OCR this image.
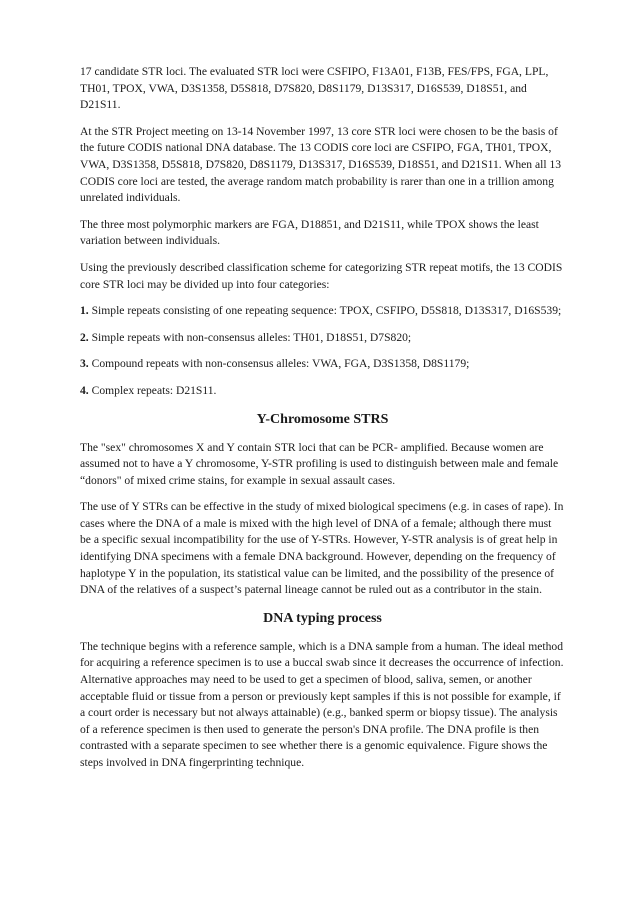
17 candidate STR loci. The evaluated STR loci were CSFIPO, F13A01, F13B, FES/FPS, FGA, LPL, TH01, TPOX, VWA, D3S1358, D5S818, D7S820, D8S1179, D13S317, D16S539, D18S51, and D21S11.

At the STR Project meeting on 13-14 November 1997, 13 core STR loci were chosen to be the basis of the future CODIS national DNA database. The 13 CODIS core loci are CSFIPO, FGA, TH01, TPOX, VWA, D3S1358, D5S818, D7S820, D8S1179, D13S317, D16S539, D18S51, and D21S11. When all 13 CODIS core loci are tested, the average random match probability is rarer than one in a trillion among unrelated individuals.

The three most polymorphic markers are FGA, D18851, and D21S11, while TPOX shows the least variation between individuals.

Using the previously described classification scheme for categorizing STR repeat motifs, the 13 CODIS core STR loci may be divided up into four categories:

1. Simple repeats consisting of one repeating sequence: TPOX, CSFIPO, D5S818, D13S317, D16S539;

2. Simple repeats with non-consensus alleles: TH01, D18S51, D7S820;

3. Compound repeats with non-consensus alleles: VWA, FGA, D3S1358, D8S1179;

4. Complex repeats: D21S11.

Y-Chromosome STRS

The "sex" chromosomes X and Y contain STR loci that can be PCR- amplified. Because women are assumed not to have a Y chromosome, Y-STR profiling is used to distinguish between male and female “donors" of mixed crime stains, for example in sexual assault cases.

The use of Y STRs can be effective in the study of mixed biological specimens (e.g. in cases of rape). In cases where the DNA of a male is mixed with the high level of DNA of a female; although there must be a specific sexual incompatibility for the use of Y-STRs. However, Y-STR analysis is of great help in identifying DNA specimens with a female DNA background. However, depending on the frequency of haplotype Y in the population, its statistical value can be limited, and the possibility of the presence of DNA of the relatives of a suspect’s paternal lineage cannot be ruled out as a contributor in the stain.

DNA typing process

The technique begins with a reference sample, which is a DNA sample from a human. The ideal method for acquiring a reference specimen is to use a buccal swab since it decreases the occurrence of infection. Alternative approaches may need to be used to get a specimen of blood, saliva, semen, or another acceptable fluid or tissue from a person or previously kept samples if this is not possible for example, if a court order is necessary but not always attainable) (e.g., banked sperm or biopsy tissue). The analysis of a reference specimen is then used to generate the person's DNA profile. The DNA profile is then contrasted with a separate specimen to see whether there is a genomic equivalence. Figure shows the steps involved in DNA fingerprinting technique.
